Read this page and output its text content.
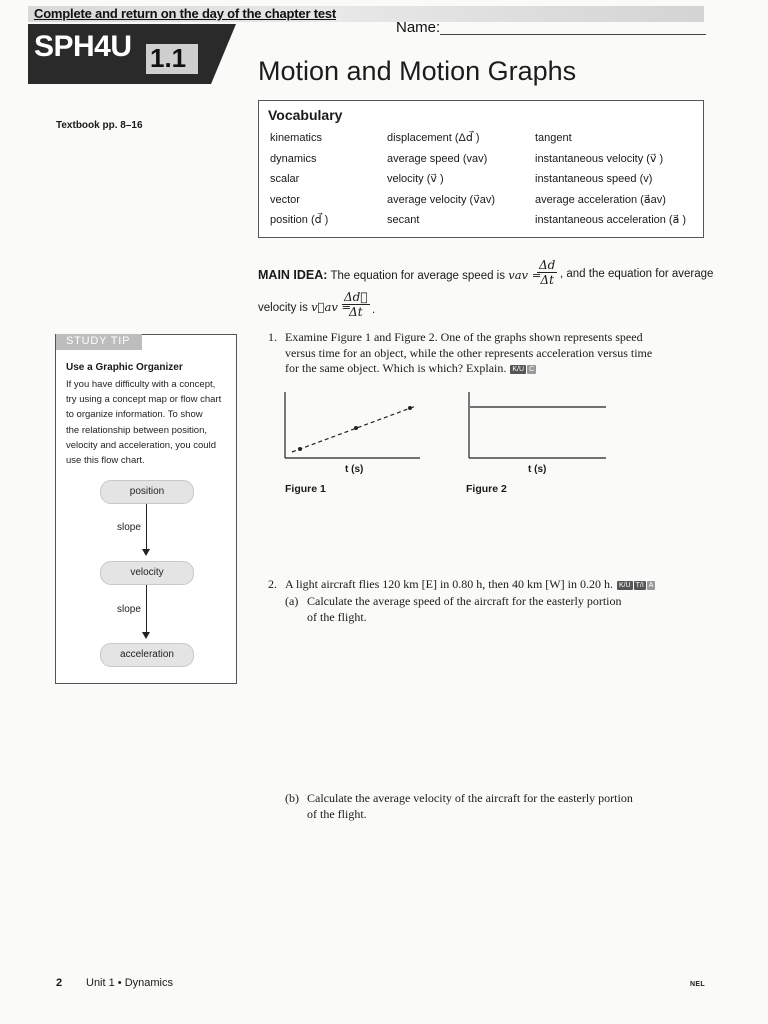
Complete and return on the day of the chapter test
Name:
SPH4U 1.1	Motion and Motion Graphs
Textbook pp. 8–16
Vocabulary
kinematics
dynamics
scalar
vector
position (d⃗ )
displacement (Δd⃗ )
average speed (vav)
velocity (v⃗ )
average velocity (v⃗av)
secant
tangent
instantaneous velocity (v⃗ )
instantaneous speed (v)
average acceleration (a⃗av)
instantaneous acceleration (a⃗ )
MAIN IDEA: The equation for average speed is vav =
$\frac{\Delta d}{\Delta t}$ , and the equation for average
velocity is v⃗av =
$\frac{\Delta d⃗}{\Delta t}$ .
STUDY TIP
Use a Graphic Organizer
If you have difficulty with a concept,
try using a concept map or flow chart
to organize information. To show
the relationship between position,
velocity and acceleration, you could
use this flow chart.
position
slope
velocity
slope
acceleration
1. Examine Figure 1 and Figure 2. One of the graphs shown represents speed
versus time for an object, while the other represents acceleration versus time
for the same object. Which is which? Explain. K/U C
t (s)
Figure 1
t (s)
Figure 2
2. A light aircraft flies 120 km [E] in 0.80 h, then 40 km [W] in 0.20 h. K/U T/I A
(a) Calculate the average speed of the aircraft for the easterly portion
of the flight.
(b) Calculate the average velocity of the aircraft for the easterly portion
of the flight.
2 Unit 1 • Dynamics	NEL
